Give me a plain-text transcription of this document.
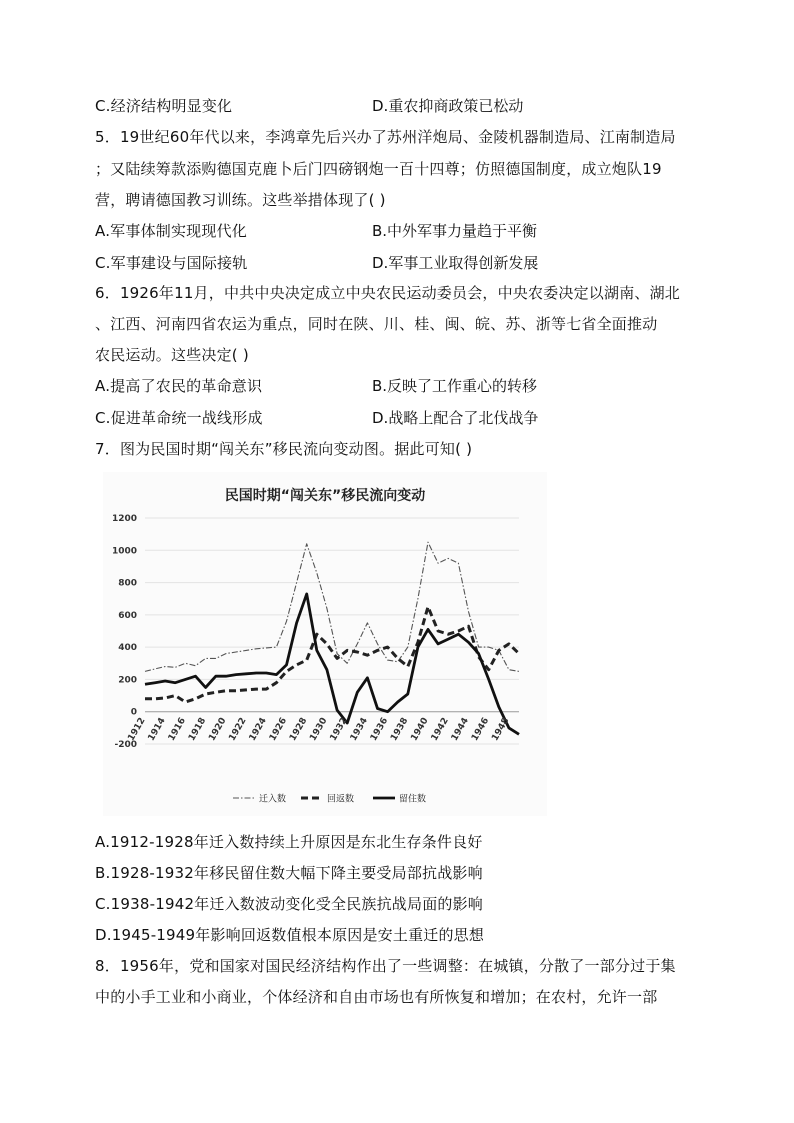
C.经济结构明显变化	D.重农抑商政策已松动
5．19世纪60年代以来，李鸿章先后兴办了苏州洋炮局、金陵机器制造局、江南制造局
；又陆续筹款添购德国克鹿卜后门四磅钢炮一百十四尊；仿照德国制度，成立炮队19
营，聘请德国教习训练。这些举措体现了( )
A.军事体制实现现代化	B.中外军事力量趋于平衡
C.军事建设与国际接轨	D.军事工业取得创新发展
6．1926年11月，中共中央决定成立中央农民运动委员会，中央农委决定以湖南、湖北
、江西、河南四省农运为重点，同时在陕、川、桂、闽、皖、苏、浙等七省全面推动
农民运动。这些决定( )
A.提高了农民的革命意识	B.反映了工作重心的转移
C.促进革命统一战线形成	D.战略上配合了北伐战争
7．图为民国时期“闯关东”移民流向变动图。据此可知( )
民国时期“闯关东”移民流向变动
-200
0
200
400
600
800
1000
1200
1912 1914 1916 1918 1920 1922 1924 1926 1928 1930 1932 1934 1936 1938 1940 1942 1944 1946 1948
迁入数	回返数	留住数
A.1912-1928年迁入数持续上升原因是东北生存条件良好
B.1928-1932年移民留住数大幅下降主要受局部抗战影响
C.1938-1942年迁入数波动变化受全民族抗战局面的影响
D.1945-1949年影响回返数值根本原因是安土重迁的思想
8．1956年，党和国家对国民经济结构作出了一些调整：在城镇，分散了一部分过于集
中的小手工业和小商业，个体经济和自由市场也有所恢复和增加；在农村，允许一部
